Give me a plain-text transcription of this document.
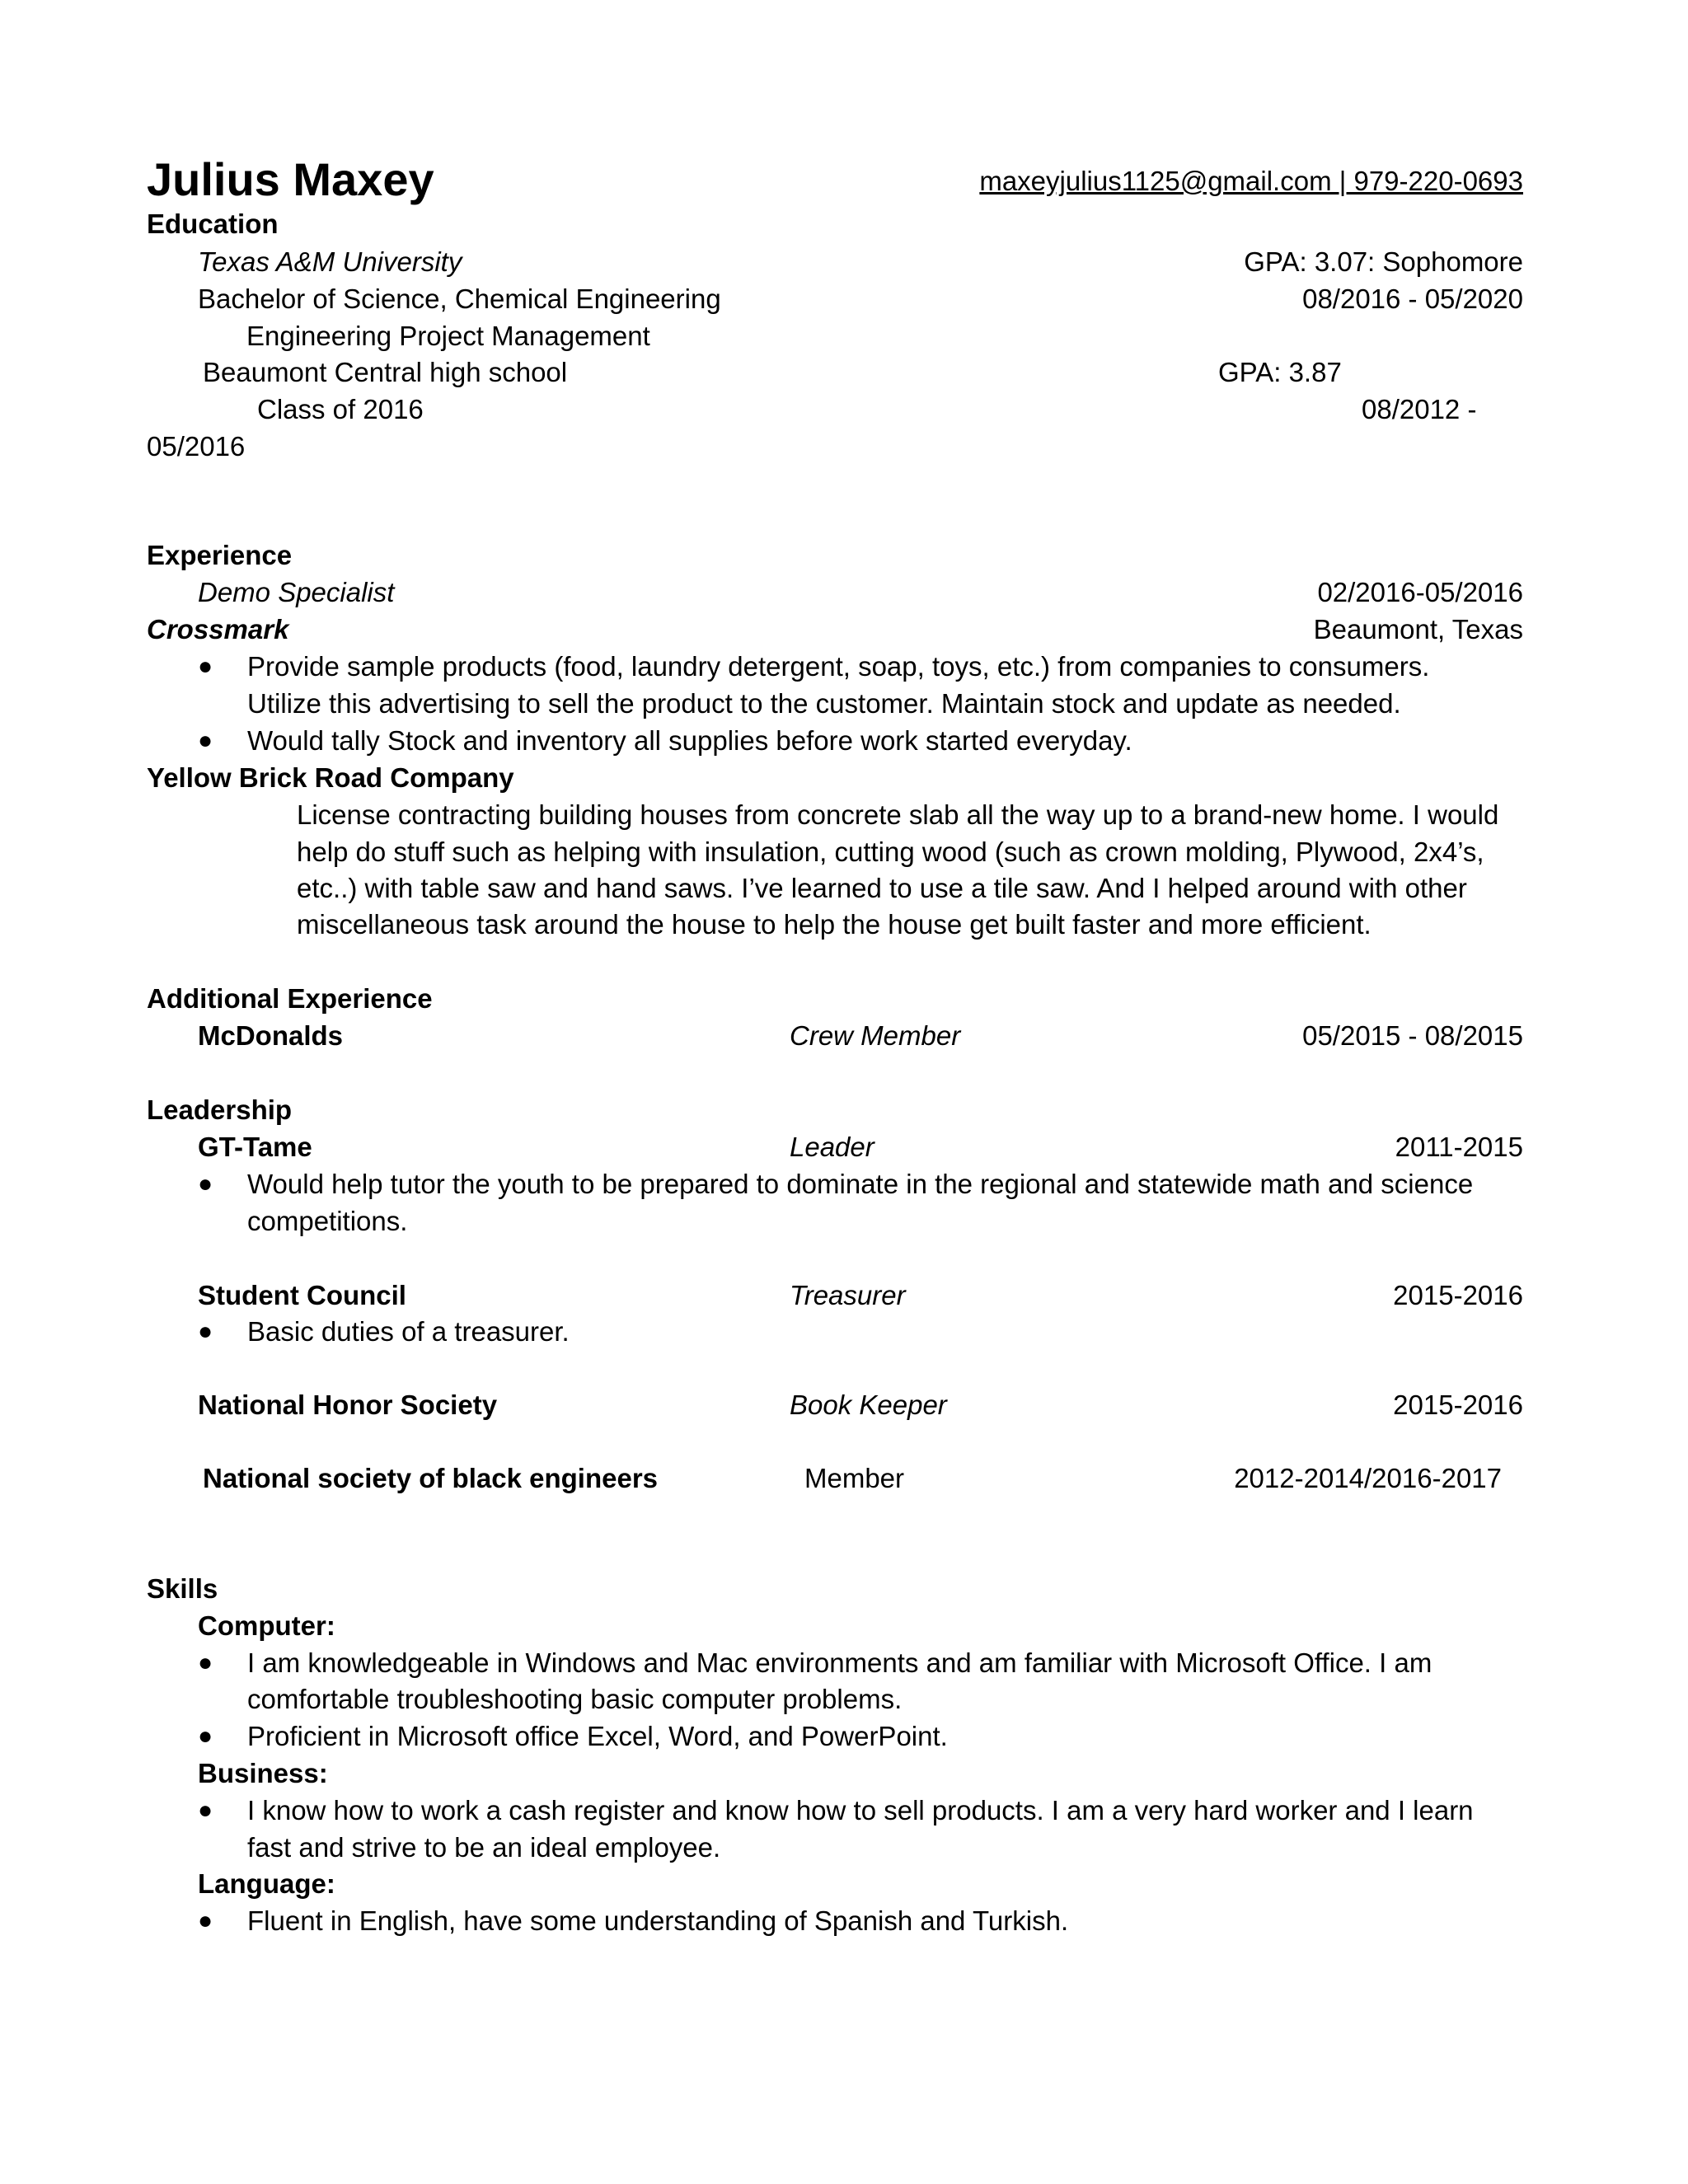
Julius Maxey	maxeyjulius1125@gmail.com | 979-220-0693
Education
Texas A&M University	GPA: 3.07: Sophomore
Bachelor of Science, Chemical Engineering	08/2016 - 05/2020
Engineering Project Management
Beaumont Central high school	GPA: 3.87
Class of 2016	08/2012 -
05/2016
Experience
Demo Specialist	02/2016-05/2016
Crossmark	Beaumont, Texas
● Provide sample products (food, laundry detergent, soap, toys, etc.) from companies to consumers.
Utilize this advertising to sell the product to the customer. Maintain stock and update as needed.
● Would tally Stock and inventory all supplies before work started everyday.
Yellow Brick Road Company
License contracting building houses from concrete slab all the way up to a brand-new home. I would
help do stuff such as helping with insulation, cutting wood (such as crown molding, Plywood, 2x4’s,
etc..) with table saw and hand saws. I’ve learned to use a tile saw. And I helped around with other
miscellaneous task around the house to help the house get built faster and more efficient.
Additional Experience
McDonalds	Crew Member	05/2015 - 08/2015
Leadership
GT-Tame	Leader	2011-2015
● Would help tutor the youth to be prepared to dominate in the regional and statewide math and science
competitions.
Student Council	Treasurer	2015-2016
● Basic duties of a treasurer.
National Honor Society	Book Keeper	2015-2016
National society of black engineers	Member	2012-2014/2016-2017
Skills
Computer:
● I am knowledgeable in Windows and Mac environments and am familiar with Microsoft Office. I am
comfortable troubleshooting basic computer problems.
● Proficient in Microsoft office Excel, Word, and PowerPoint.
Business:
● I know how to work a cash register and know how to sell products. I am a very hard worker and I learn
fast and strive to be an ideal employee.
Language:
● Fluent in English, have some understanding of Spanish and Turkish.
